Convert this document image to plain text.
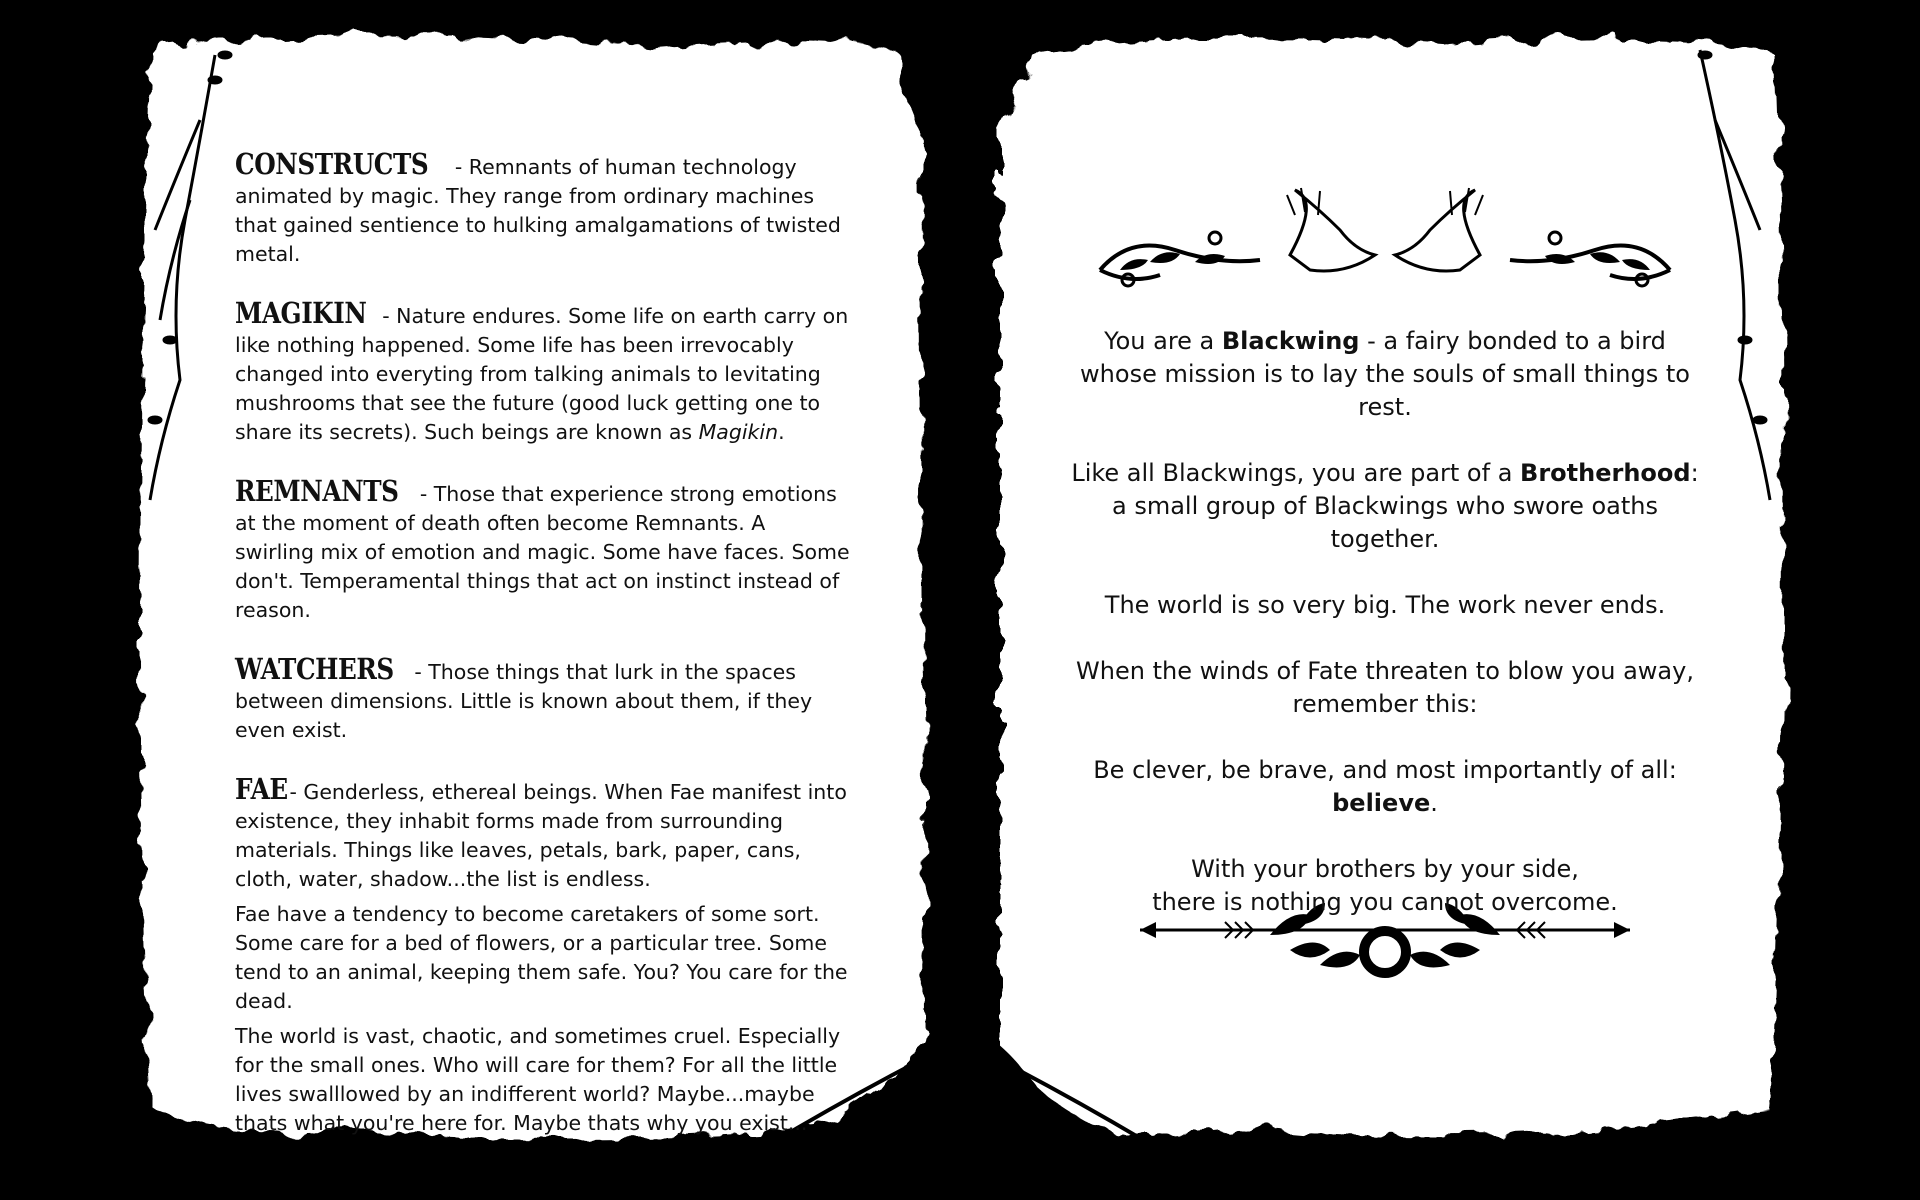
CONSTRUCTS - Remnants of human technology animated by magic. They range from ordinary machines that gained sentience to hulking amalgamations of twisted metal.

MAGIKIN - Nature endures. Some life on earth carry on like nothing happened. Some life has been irrevocably changed into everyting from talking animals to levitating mushrooms that see the future (good luck getting one to share its secrets). Such beings are known as Magikin.

REMNANTS - Those that experience strong emotions at the moment of death often become Remnants. A swirling mix of emotion and magic. Some have faces. Some don't. Temperamental things that act on instinct instead of reason.

WATCHERS - Those things that lurk in the spaces between dimensions. Little is known about them, if they even exist.

FAE - Genderless, ethereal beings. When Fae manifest into existence, they inhabit forms made from surrounding materials. Things like leaves, petals, bark, paper, cans, cloth, water, shadow...the list is endless.

Fae have a tendency to become caretakers of some sort. Some care for a bed of flowers, or a particular tree. Some tend to an animal, keeping them safe. You? You care for the dead.

The world is vast, chaotic, and sometimes cruel. Especially for the small ones. Who will care for them? For all the little lives swalllowed by an indifferent world? Maybe...maybe thats what you're here for. Maybe thats why you exist...

You are a Blackwing - a fairy bonded to a bird whose mission is to lay the souls of small things to rest.

Like all Blackwings, you are part of a Brotherhood: a small group of Blackwings who swore oaths together.

The world is so very big. The work never ends.

When the winds of Fate threaten to blow you away,
remember this:

Be clever, be brave, and most importantly of all:
believe.

With your brothers by your side,
there is nothing you cannot overcome.
